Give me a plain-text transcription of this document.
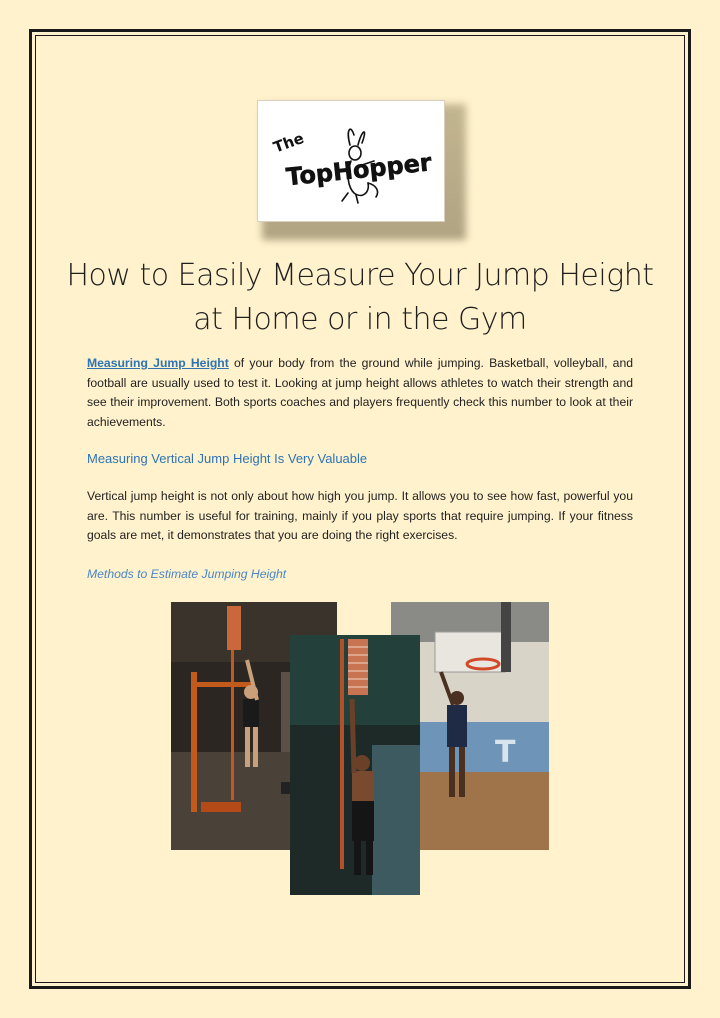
The
TopHopper
How to Easily Measure Your Jump Height
at Home or in the Gym

Measuring Jump Height of your body from the ground while jumping. Basketball, volleyball, and football are usually used to test it. Looking at jump height allows athletes to watch their strength and see their improvement. Both sports coaches and players frequently check this number to look at their achievements.

Measuring Vertical Jump Height Is Very Valuable

Vertical jump height is not only about how high you jump. It allows you to see how fast, powerful you are. This number is useful for training, mainly if you play sports that require jumping. If your fitness goals are met, it demonstrates that you are doing the right exercises.

Methods to Estimate Jumping Height
T
